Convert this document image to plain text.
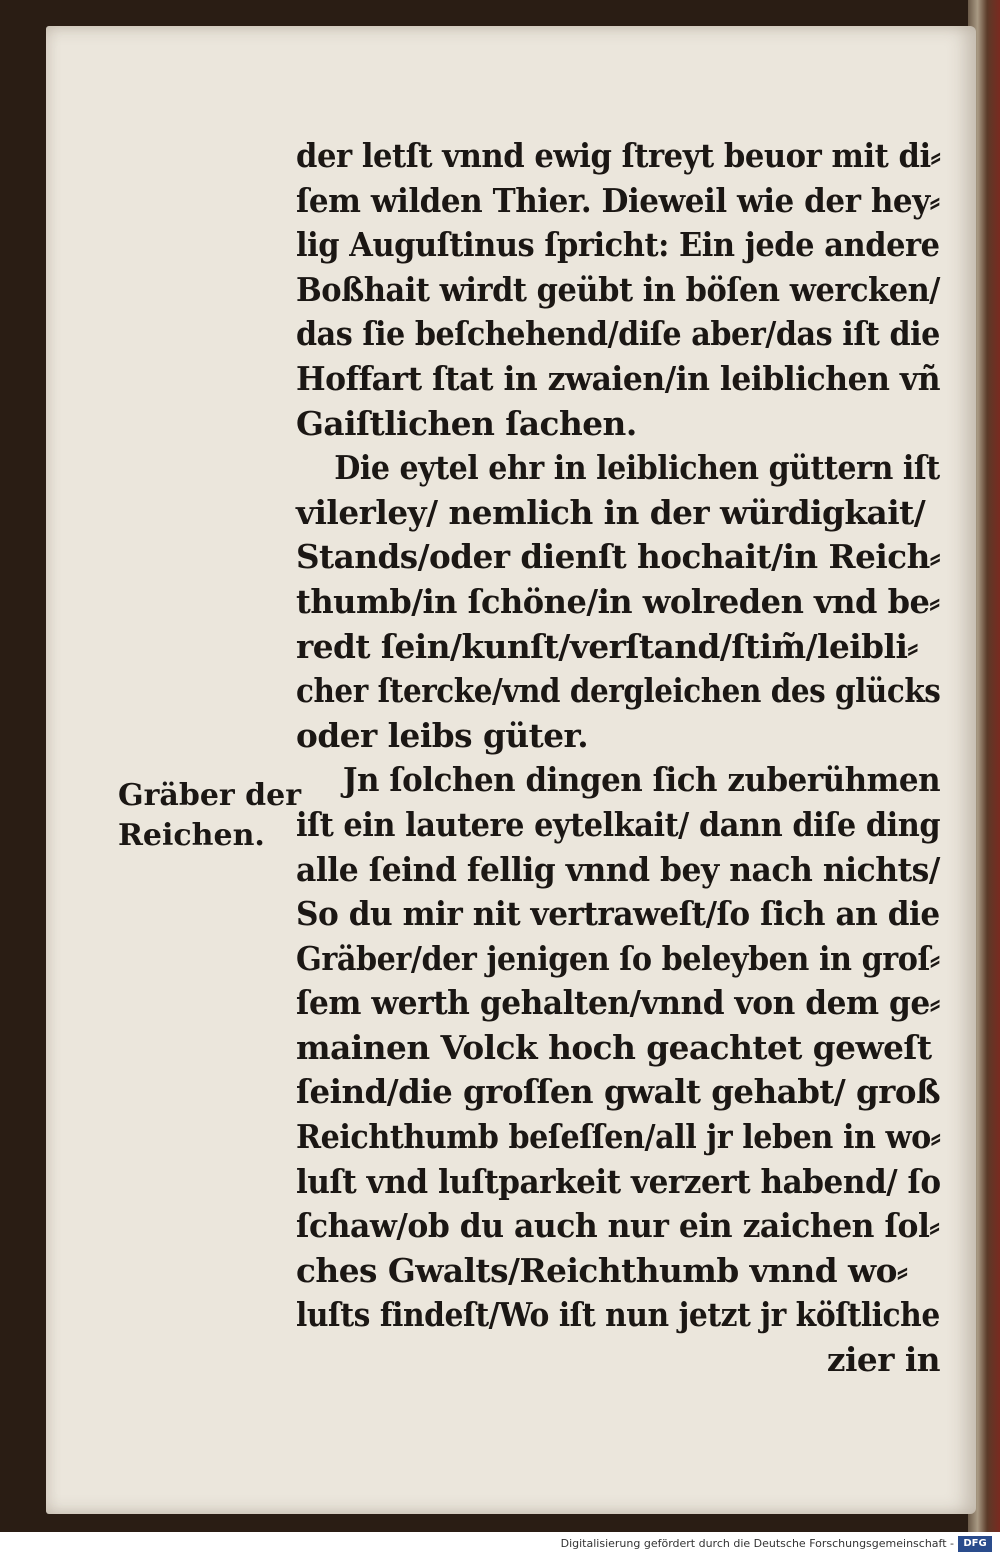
der letſt vnnd ewig ſtreyt beuor mit di⸗
ſem wilden Thier. Dieweil wie der hey⸗
lig Auguſtinus ſpricht: Ein jede andere
Boßhait wirdt geübt in böſen wercken/
das ſie beſchehend/diſe aber/das iſt die
Hoffart ſtat in zwaien/in leiblichen vñ
Gaiſtlichen ſachen.
Die eytel ehr in leiblichen güttern iſt
vilerley/ nemlich in der würdigkait/
Stands/oder dienſt hochait/in Reich⸗
thumb/in ſchöne/in wolreden vnd be⸗
redt ſein/kunſt/verſtand/ſtim̃/leibli⸗
cher ſtercke/vnd dergleichen des glücks
oder leibs güter.
Jn ſolchen dingen ſich zuberühmen
iſt ein lautere eytelkait/ dann diſe ding
alle ſeind fellig vnnd bey nach nichts/
So du mir nit vertraweſt/ſo ſich an die
Gräber/der jenigen ſo beleyben in groſ⸗
ſem werth gehalten/vnnd von dem ge⸗
mainen Volck hoch geachtet geweſt
ſeind/die groſſen gwalt gehabt/ groß
Reichthumb beſeſſen/all jr leben in wo⸗
luſt vnd luſtparkeit verzert habend/ ſo
ſchaw/ob du auch nur ein zaichen ſol⸗
ches Gwalts/Reichthumb vnnd wo⸗
luſts findeſt/Wo iſt nun jetzt jr köſtliche
zier in
Gräber der
Reichen.
Digitalisierung gefördert durch die Deutsche Forschungsgemeinschaft - DFG
